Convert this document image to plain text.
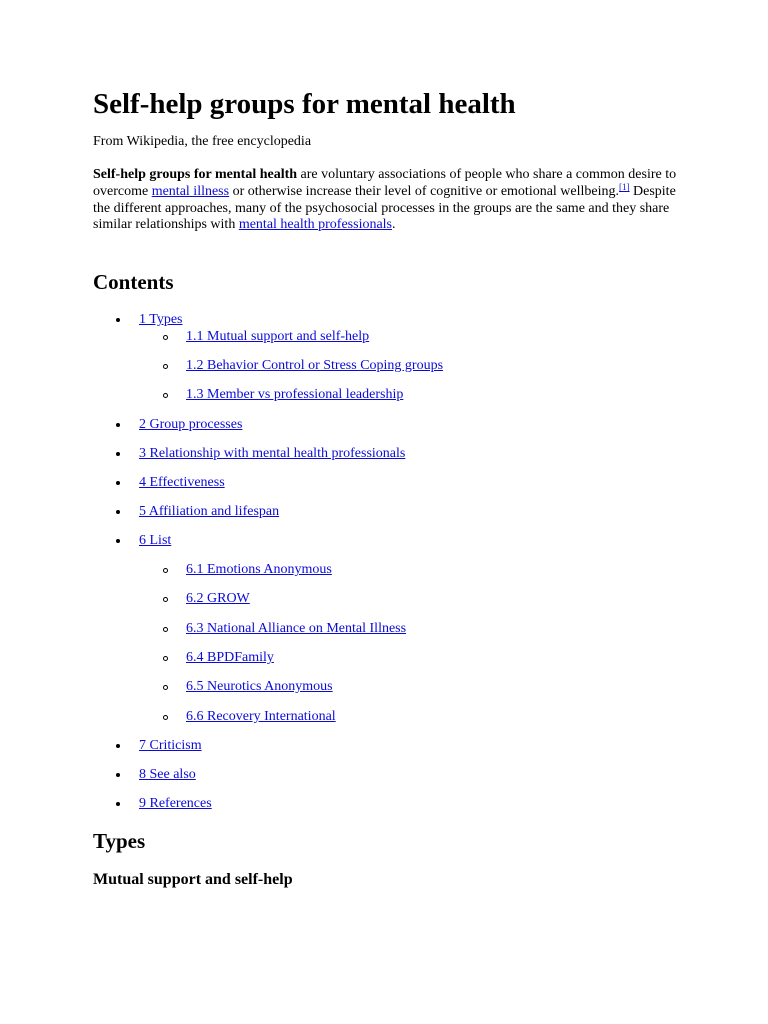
Self-help groups for mental health
From Wikipedia, the free encyclopedia

Self-help groups for mental health are voluntary associations of people who share a common desire to overcome mental illness or otherwise increase their level of cognitive or emotional wellbeing.[1] Despite the different approaches, many of the psychosocial processes in the groups are the same and they share similar relationships with mental health professionals.

Contents
1 Types
1.1 Mutual support and self-help
1.2 Behavior Control or Stress Coping groups
1.3 Member vs professional leadership
2 Group processes
3 Relationship with mental health professionals
4 Effectiveness
5 Affiliation and lifespan
6 List
6.1 Emotions Anonymous
6.2 GROW
6.3 National Alliance on Mental Illness
6.4 BPDFamily
6.5 Neurotics Anonymous
6.6 Recovery International
7 Criticism
8 See also
9 References
Types
Mutual support and self-help
